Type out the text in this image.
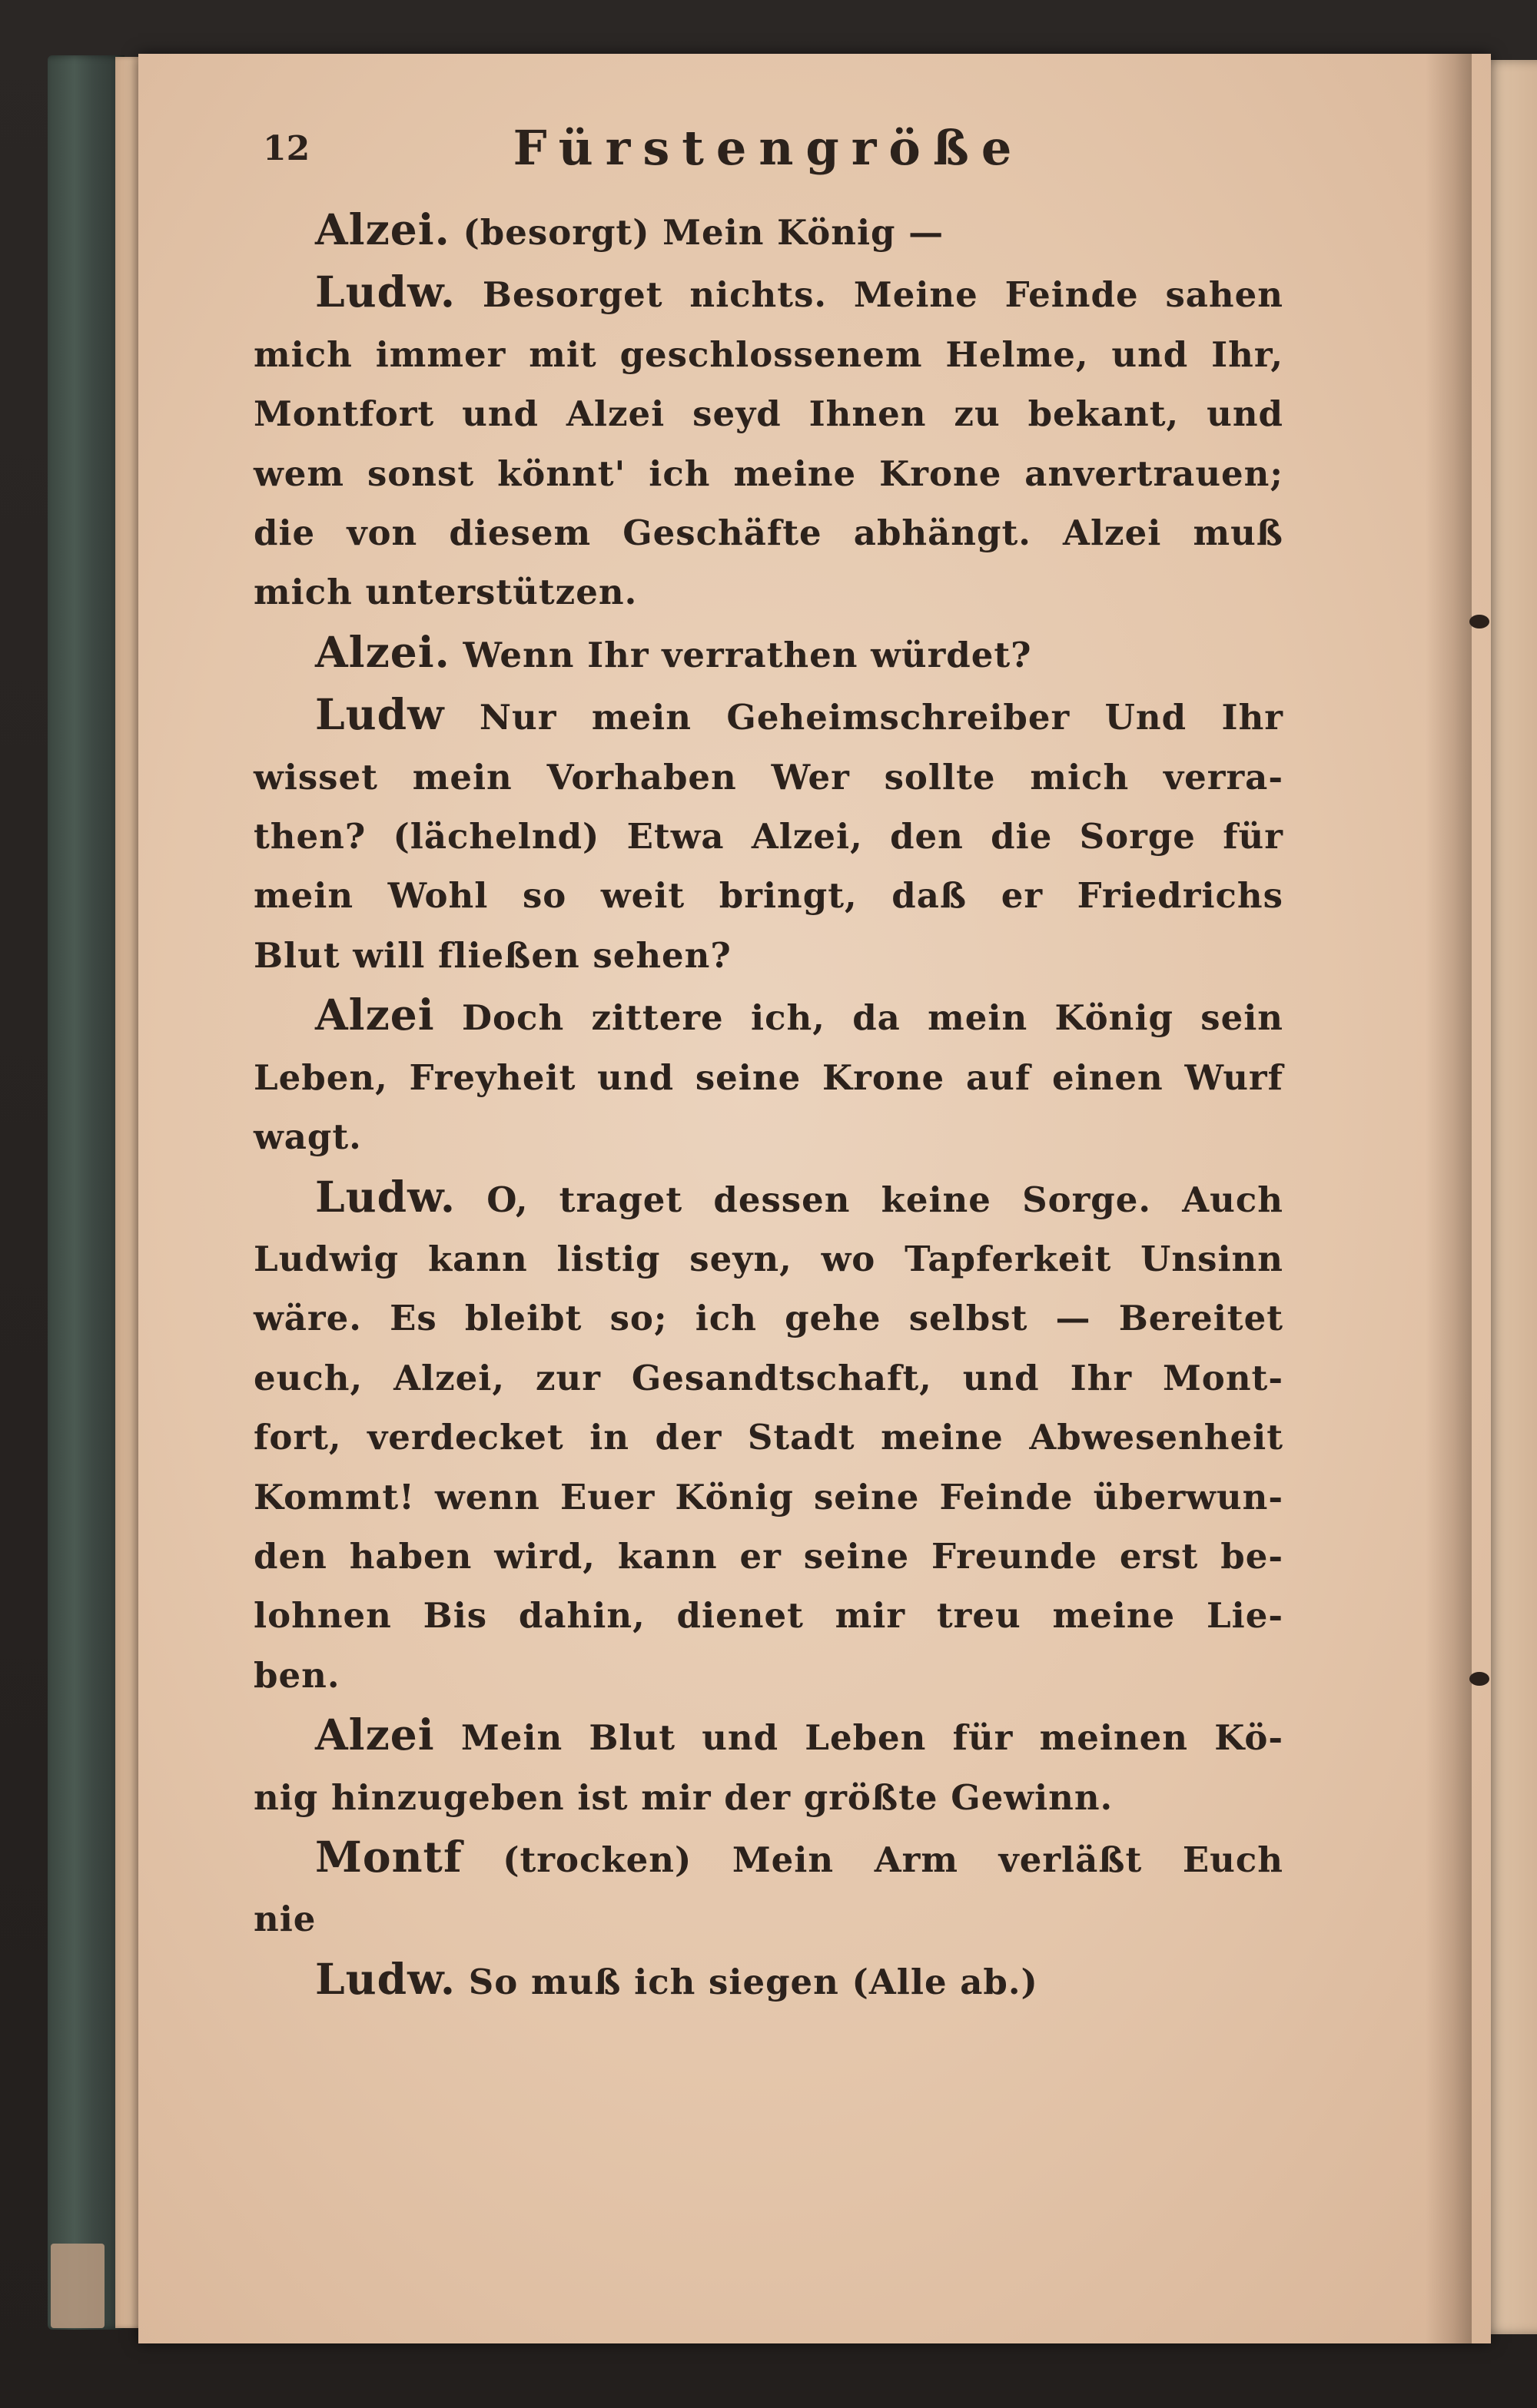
12	Fürstengröße
Alzei. (besorgt) Mein König —
Ludw. Besorget nichts. Meine Feinde sahen
mich immer mit geschlossenem Helme, und Ihr,
Montfort und Alzei seyd Ihnen zu bekant, und
wem sonst könnt' ich meine Krone anvertrauen;
die von diesem Geschäfte abhängt. Alzei muß
mich unterstützen.
Alzei. Wenn Ihr verrathen würdet?
Ludw Nur mein Geheimschreiber Und Ihr
wisset mein Vorhaben Wer sollte mich verra-
then? (lächelnd) Etwa Alzei, den die Sorge für
mein Wohl so weit bringt, daß er Friedrichs
Blut will fließen sehen?
Alzei Doch zittere ich, da mein König sein
Leben, Freyheit und seine Krone auf einen Wurf
wagt.
Ludw. O, traget dessen keine Sorge. Auch
Ludwig kann listig seyn, wo Tapferkeit Unsinn
wäre. Es bleibt so; ich gehe selbst — Bereitet
euch, Alzei, zur Gesandtschaft, und Ihr Mont-
fort, verdecket in der Stadt meine Abwesenheit
Kommt! wenn Euer König seine Feinde überwun-
den haben wird, kann er seine Freunde erst be-
lohnen Bis dahin, dienet mir treu meine Lie-
ben.
Alzei Mein Blut und Leben für meinen Kö-
nig hinzugeben ist mir der größte Gewinn.
Montf (trocken) Mein Arm verläßt Euch
nie
Ludw. So muß ich siegen (Alle ab.)
